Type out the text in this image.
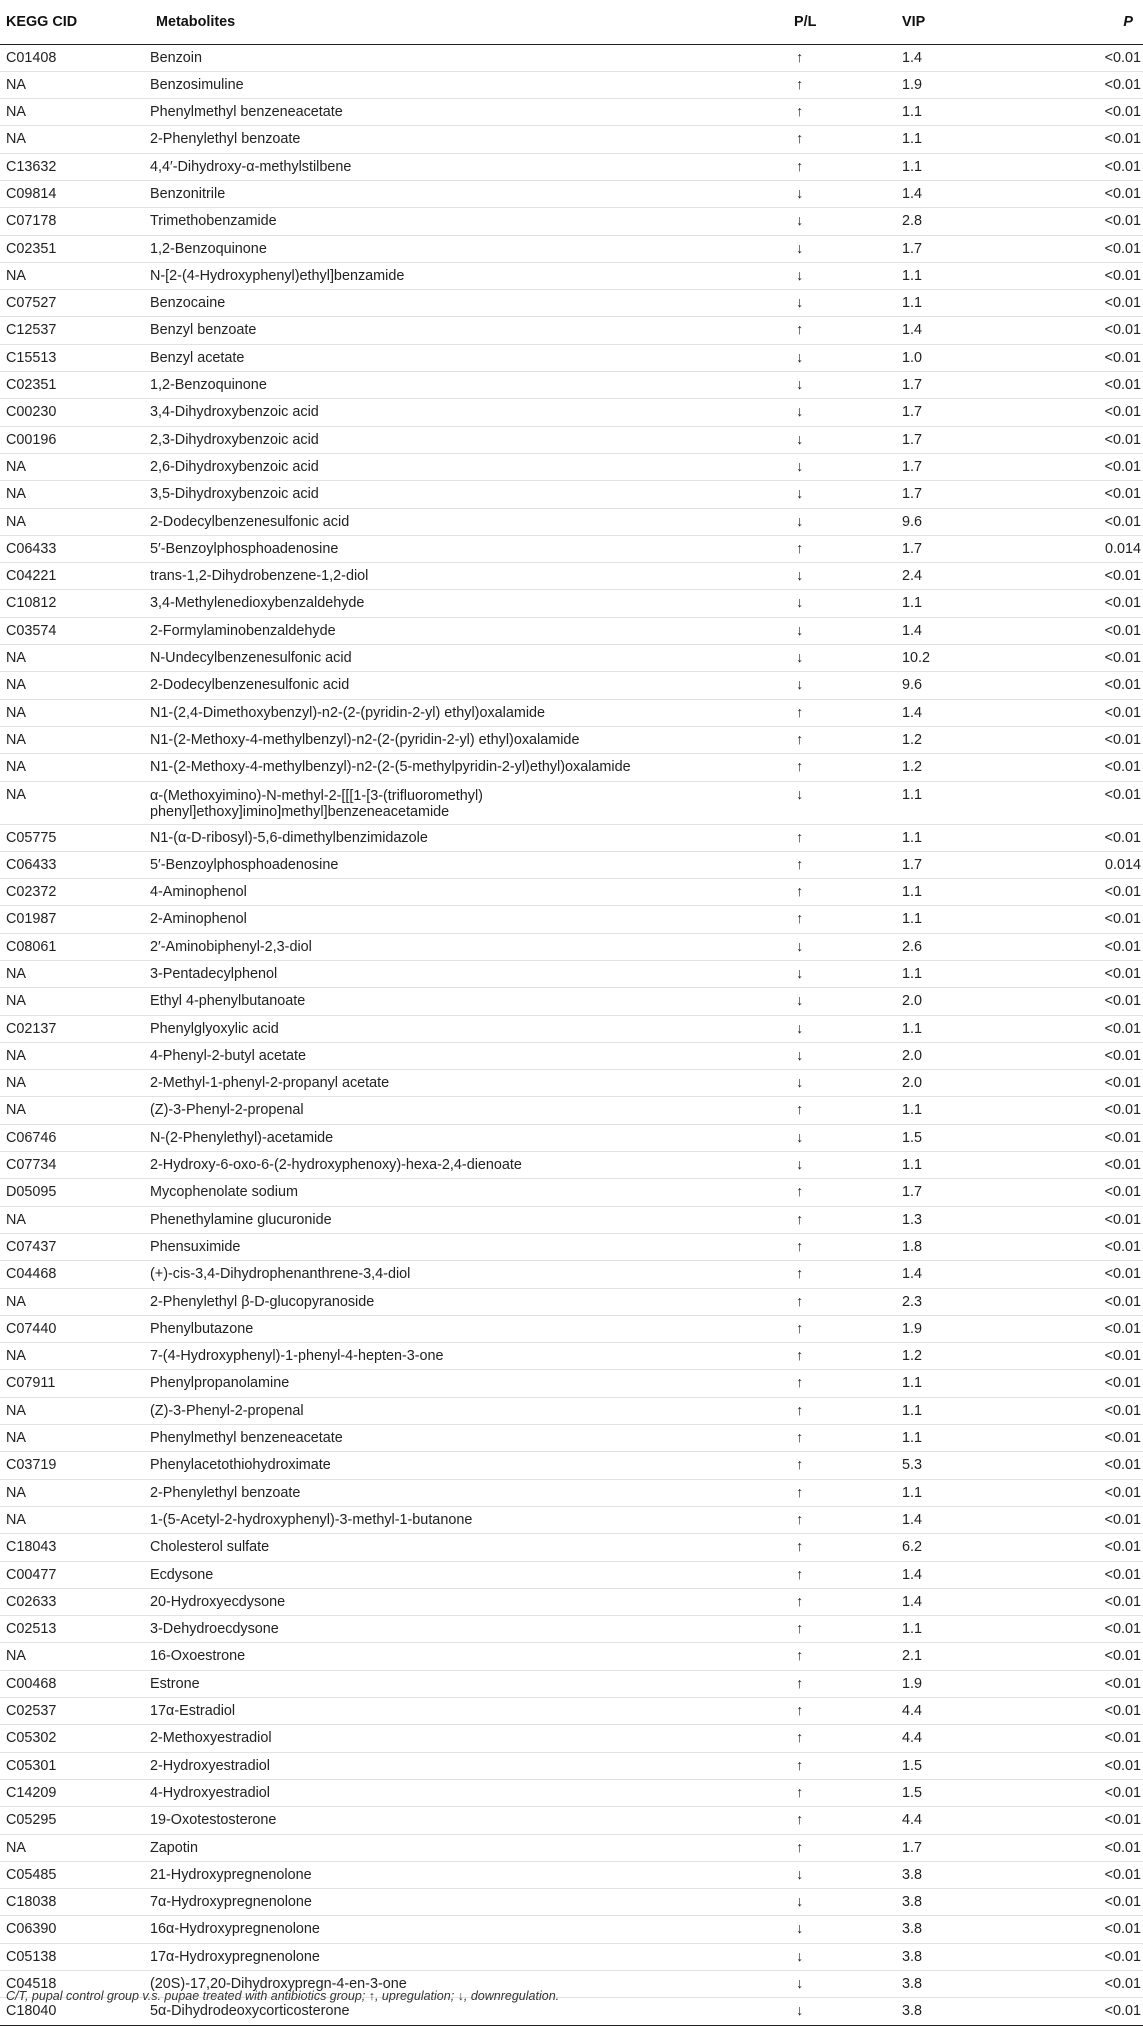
KEGG CID	Metabolites	P/L	VIP	P
C01408	Benzoin	↑	1.4	<0.01
NA	Benzosimuline	↑	1.9	<0.01
NA	Phenylmethyl benzeneacetate	↑	1.1	<0.01
NA	2-Phenylethyl benzoate	↑	1.1	<0.01
C13632	4,4′-Dihydroxy-α-methylstilbene	↑	1.1	<0.01
C09814	Benzonitrile	↓	1.4	<0.01
C07178	Trimethobenzamide	↓	2.8	<0.01
C02351	1,2-Benzoquinone	↓	1.7	<0.01
NA	N-[2-(4-Hydroxyphenyl)ethyl]benzamide	↓	1.1	<0.01
C07527	Benzocaine	↓	1.1	<0.01
C12537	Benzyl benzoate	↑	1.4	<0.01
C15513	Benzyl acetate	↓	1.0	<0.01
C02351	1,2-Benzoquinone	↓	1.7	<0.01
C00230	3,4-Dihydroxybenzoic acid	↓	1.7	<0.01
C00196	2,3-Dihydroxybenzoic acid	↓	1.7	<0.01
NA	2,6-Dihydroxybenzoic acid	↓	1.7	<0.01
NA	3,5-Dihydroxybenzoic acid	↓	1.7	<0.01
NA	2-Dodecylbenzenesulfonic acid	↓	9.6	<0.01
C06433	5′-Benzoylphosphoadenosine	↑	1.7	0.014
C04221	trans-1,2-Dihydrobenzene-1,2-diol	↓	2.4	<0.01
C10812	3,4-Methylenedioxybenzaldehyde	↓	1.1	<0.01
C03574	2-Formylaminobenzaldehyde	↓	1.4	<0.01
NA	N-Undecylbenzenesulfonic acid	↓	10.2	<0.01
NA	2-Dodecylbenzenesulfonic acid	↓	9.6	<0.01
NA	N1-(2,4-Dimethoxybenzyl)-n2-(2-(pyridin-2-yl) ethyl)oxalamide	↑	1.4	<0.01
NA	N1-(2-Methoxy-4-methylbenzyl)-n2-(2-(pyridin-2-yl) ethyl)oxalamide	↑	1.2	<0.01
NA	N1-(2-Methoxy-4-methylbenzyl)-n2-(2-(5-methylpyridin-2-yl)ethyl)oxalamide	↑	1.2	<0.01
NA	α-(Methoxyimino)-N-methyl-2-[[[1-[3-(trifluoromethyl) phenyl]ethoxy]imino]methyl]benzeneacetamide	↓	1.1	<0.01
C05775	N1-(α-D-ribosyl)-5,6-dimethylbenzimidazole	↑	1.1	<0.01
C06433	5′-Benzoylphosphoadenosine	↑	1.7	0.014
C02372	4-Aminophenol	↑	1.1	<0.01
C01987	2-Aminophenol	↑	1.1	<0.01
C08061	2′-Aminobiphenyl-2,3-diol	↓	2.6	<0.01
NA	3-Pentadecylphenol	↓	1.1	<0.01
NA	Ethyl 4-phenylbutanoate	↓	2.0	<0.01
C02137	Phenylglyoxylic acid	↓	1.1	<0.01
NA	4-Phenyl-2-butyl acetate	↓	2.0	<0.01
NA	2-Methyl-1-phenyl-2-propanyl acetate	↓	2.0	<0.01
NA	(Z)-3-Phenyl-2-propenal	↑	1.1	<0.01
C06746	N-(2-Phenylethyl)-acetamide	↓	1.5	<0.01
C07734	2-Hydroxy-6-oxo-6-(2-hydroxyphenoxy)-hexa-2,4-dienoate	↓	1.1	<0.01
D05095	Mycophenolate sodium	↑	1.7	<0.01
NA	Phenethylamine glucuronide	↑	1.3	<0.01
C07437	Phensuximide	↑	1.8	<0.01
C04468	(+)-cis-3,4-Dihydrophenanthrene-3,4-diol	↑	1.4	<0.01
NA	2-Phenylethyl β-D-glucopyranoside	↑	2.3	<0.01
C07440	Phenylbutazone	↑	1.9	<0.01
NA	7-(4-Hydroxyphenyl)-1-phenyl-4-hepten-3-one	↑	1.2	<0.01
C07911	Phenylpropanolamine	↑	1.1	<0.01
NA	(Z)-3-Phenyl-2-propenal	↑	1.1	<0.01
NA	Phenylmethyl benzeneacetate	↑	1.1	<0.01
C03719	Phenylacetothiohydroximate	↑	5.3	<0.01
NA	2-Phenylethyl benzoate	↑	1.1	<0.01
NA	1-(5-Acetyl-2-hydroxyphenyl)-3-methyl-1-butanone	↑	1.4	<0.01
C18043	Cholesterol sulfate	↑	6.2	<0.01
C00477	Ecdysone	↑	1.4	<0.01
C02633	20-Hydroxyecdysone	↑	1.4	<0.01
C02513	3-Dehydroecdysone	↑	1.1	<0.01
NA	16-Oxoestrone	↑	2.1	<0.01
C00468	Estrone	↑	1.9	<0.01
C02537	17α-Estradiol	↑	4.4	<0.01
C05302	2-Methoxyestradiol	↑	4.4	<0.01
C05301	2-Hydroxyestradiol	↑	1.5	<0.01
C14209	4-Hydroxyestradiol	↑	1.5	<0.01
C05295	19-Oxotestosterone	↑	4.4	<0.01
NA	Zapotin	↑	1.7	<0.01
C05485	21-Hydroxypregnenolone	↓	3.8	<0.01
C18038	7α-Hydroxypregnenolone	↓	3.8	<0.01
C06390	16α-Hydroxypregnenolone	↓	3.8	<0.01
C05138	17α-Hydroxypregnenolone	↓	3.8	<0.01
C04518	(20S)-17,20-Dihydroxypregn-4-en-3-one	↓	3.8	<0.01
C18040	5α-Dihydrodeoxycorticosterone	↓	3.8	<0.01
C/T, pupal control group v.s. pupae treated with antibiotics group; ↑, upregulation; ↓, downregulation.
